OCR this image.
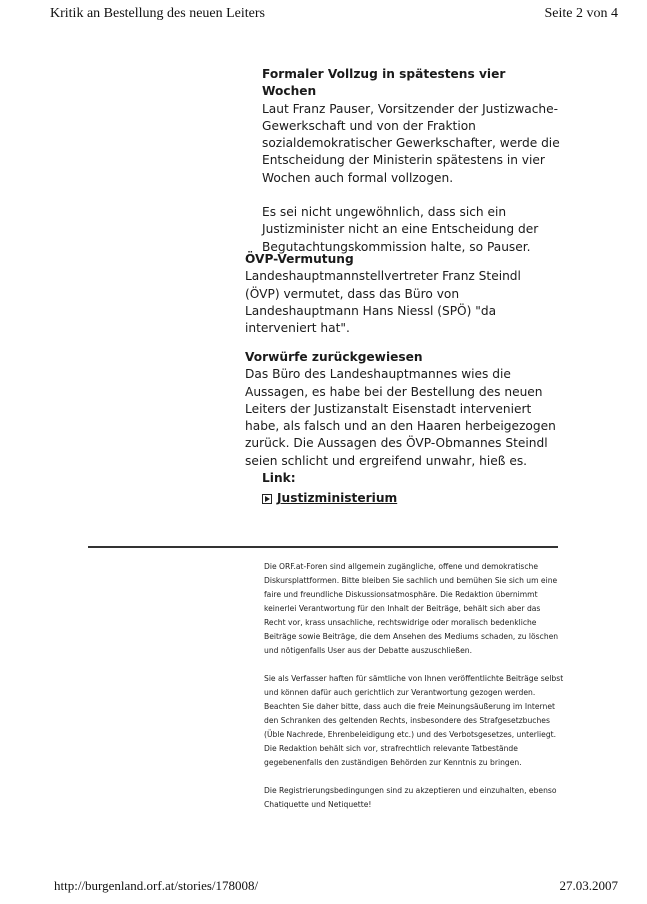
Kritik an Bestellung des neuen Leiters	Seite 2 von 4
Formaler Vollzug in spätestens vier Wochen

Laut Franz Pauser, Vorsitzender der Justizwache-Gewerkschaft und von der Fraktion sozialdemokratischer Gewerkschafter, werde die Entscheidung der Ministerin spätestens in vier Wochen auch formal vollzogen.

Es sei nicht ungewöhnlich, dass sich ein Justizminister nicht an eine Entscheidung der Begutachtungskommission halte, so Pauser.

ÖVP-Vermutung

Landeshauptmannstellvertreter Franz Steindl (ÖVP) vermutet, dass das Büro von Landeshauptmann Hans Niessl (SPÖ) "da interveniert hat".

Vorwürfe zurückgewiesen

Das Büro des Landeshauptmannes wies die Aussagen, es habe bei der Bestellung des neuen Leiters der Justizanstalt Eisenstadt interveniert habe, als falsch und an den Haaren herbeigezogen zurück. Die Aussagen des ÖVP-Obmannes Steindl seien schlicht und ergreifend unwahr, hieß es.

Link:
Justizministerium

Die ORF.at-Foren sind allgemein zugängliche, offene und demokratische Diskursplattformen. Bitte bleiben Sie sachlich und bemühen Sie sich um eine faire und freundliche Diskussionsatmosphäre. Die Redaktion übernimmt keinerlei Verantwortung für den Inhalt der Beiträge, behält sich aber das Recht vor, krass unsachliche, rechtswidrige oder moralisch bedenkliche Beiträge sowie Beiträge, die dem Ansehen des Mediums schaden, zu löschen und nötigenfalls User aus der Debatte auszuschließen.

Sie als Verfasser haften für sämtliche von Ihnen veröffentlichte Beiträge selbst und können dafür auch gerichtlich zur Verantwortung gezogen werden. Beachten Sie daher bitte, dass auch die freie Meinungsäußerung im Internet den Schranken des geltenden Rechts, insbesondere des Strafgesetzbuches (Üble Nachrede, Ehrenbeleidigung etc.) und des Verbotsgesetzes, unterliegt. Die Redaktion behält sich vor, strafrechtlich relevante Tatbestände gegebenenfalls den zuständigen Behörden zur Kenntnis zu bringen.

Die Registrierungsbedingungen sind zu akzeptieren und einzuhalten, ebenso Chatiquette und Netiquette!

http://burgenland.orf.at/stories/178008/	27.03.2007
